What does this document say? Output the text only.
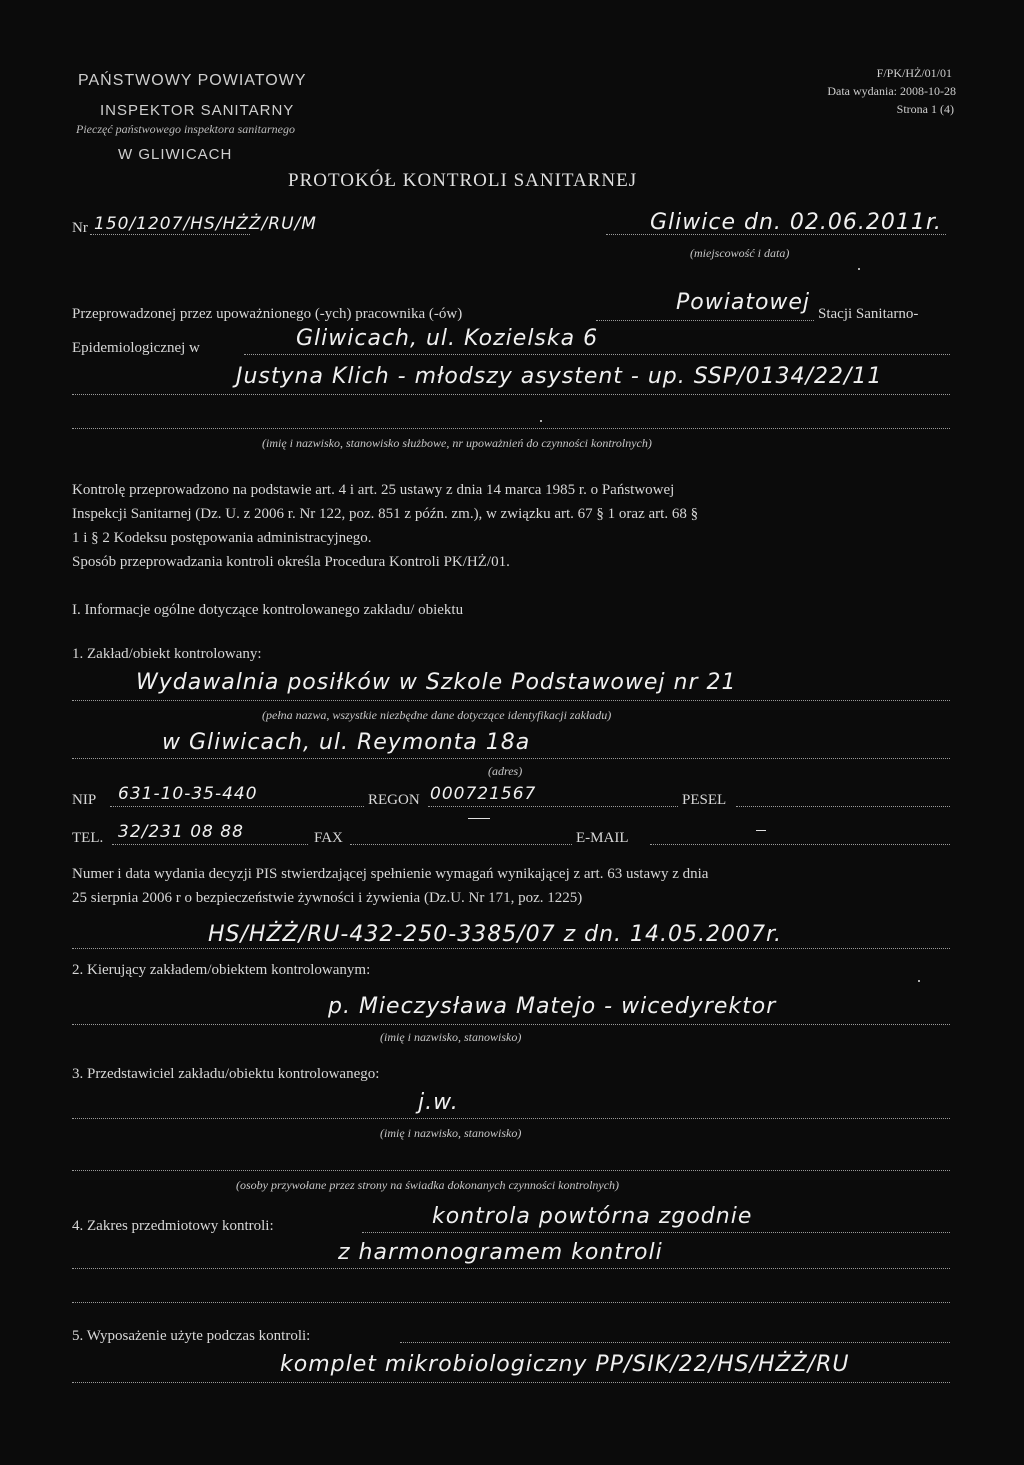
PAŃSTWOWY POWIATOWY
INSPEKTOR SANITARNY
Pieczęć państwowego inspektora sanitarnego
W GLIWICACH
F/PK/HŻ/01/01
Data wydania: 2008-10-28
Strona 1 (4)
PROTOKÓŁ KONTROLI SANITARNEJ
Nr 150/1207/HS/HŻŻ/RU/M	Gliwice dn. 02.06.2011r.
(miejscowość i data)
Przeprowadzonej przez upoważnionego (-ych) pracownika (-ów)	Powiatowej Stacji Sanitarno-
Epidemiologicznej w	Gliwicach, ul. Kozielska 6
Justyna Klich - młodszy asystent - up. SSP/0134/22/11
(imię i nazwisko, stanowisko służbowe, nr upoważnień do czynności kontrolnych)
Kontrolę przeprowadzono na podstawie art. 4 i art. 25 ustawy z dnia 14 marca 1985 r. o Państwowej
Inspekcji Sanitarnej (Dz. U. z 2006 r. Nr 122, poz. 851 z późn. zm.), w związku art. 67 § 1 oraz art. 68 §
1 i § 2 Kodeksu postępowania administracyjnego.
Sposób przeprowadzania kontroli określa Procedura Kontroli PK/HŻ/01.
I. Informacje ogólne dotyczące kontrolowanego zakładu/ obiektu
1. Zakład/obiekt kontrolowany:
Wydawalnia posiłków w Szkole Podstawowej nr 21
(pełna nazwa, wszystkie niezbędne dane dotyczące identyfikacji zakładu)
w Gliwicach, ul. Reymonta 18a
(adres)
NIP 631-10-35-440	REGON 000721567	PESEL
TEL. 32/231 08 88	FAX	E-MAIL
Numer i data wydania decyzji PIS stwierdzającej spełnienie wymagań wynikającej z art. 63 ustawy z dnia
25 sierpnia 2006 r o bezpieczeństwie żywności i żywienia (Dz.U. Nr 171, poz. 1225)
HS/HŻŻ/RU-432-250-3385/07 z dn. 14.05.2007r.
2. Kierujący zakładem/obiektem kontrolowanym:
p. Mieczysława Matejo - wicedyrektor
(imię i nazwisko, stanowisko)
3. Przedstawiciel zakładu/obiektu kontrolowanego:
j.w.
(imię i nazwisko, stanowisko)
(osoby przywołane przez strony na świadka dokonanych czynności kontrolnych)
4. Zakres przedmiotowy kontroli:	kontrola powtórna zgodnie
z harmonogramem kontroli
5. Wyposażenie użyte podczas kontroli:
komplet mikrobiologiczny PP/SIK/22/HS/HŻŻ/RU
